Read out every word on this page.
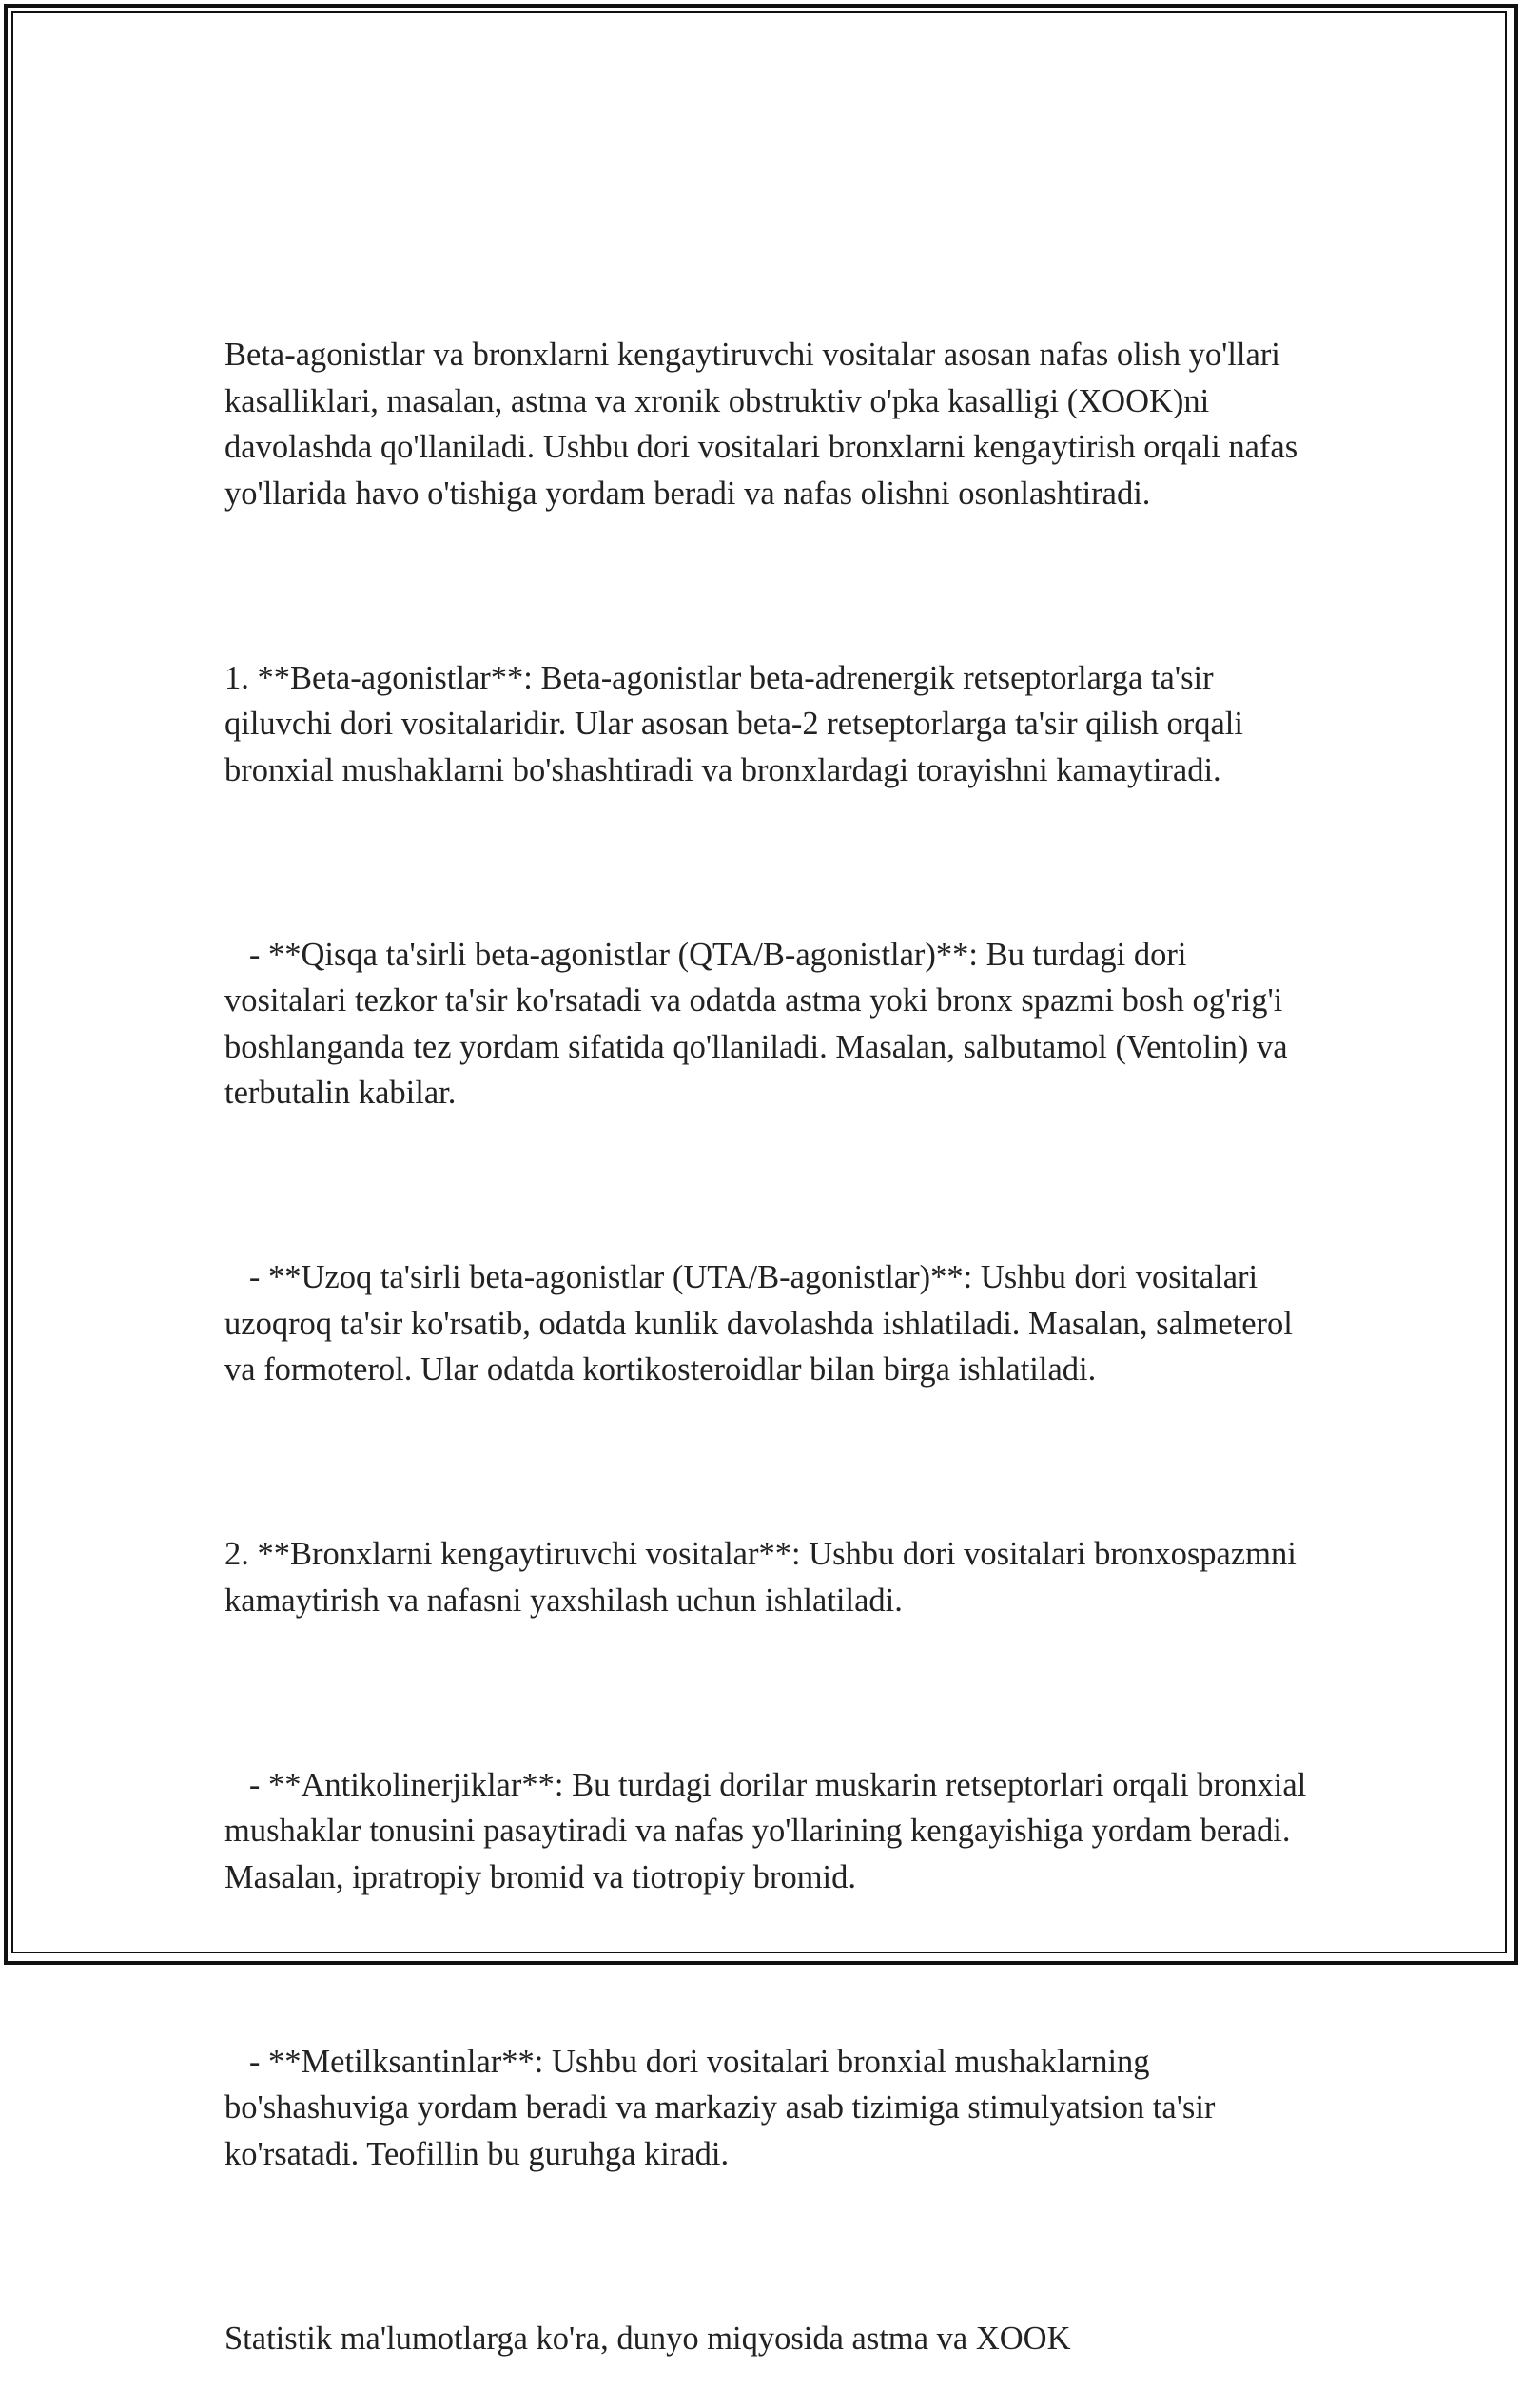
Beta-agonistlar va bronxlarni kengaytiruvchi vositalar asosan nafas olish yo'llari kasalliklari, masalan, astma va xronik obstruktiv o'pka kasalligi (XOOK)ni davolashda qo'llaniladi. Ushbu dori vositalari bronxlarni kengaytirish orqali nafas yo'llarida havo o'tishiga yordam beradi va nafas olishni osonlashtiradi.

1. **Beta-agonistlar**: Beta-agonistlar beta-adrenergik retseptorlarga ta'sir qiluvchi dori vositalaridir. Ular asosan beta-2 retseptorlarga ta'sir qilish orqali bronxial mushaklarni bo'shashtiradi va bronxlardagi torayishni kamaytiradi.

- **Qisqa ta'sirli beta-agonistlar (QTA/B-agonistlar)**: Bu turdagi dori vositalari tezkor ta'sir ko'rsatadi va odatda astma yoki bronx spazmi bosh og'rig'i boshlanganda tez yordam sifatida qo'llaniladi. Masalan, salbutamol (Ventolin) va terbutalin kabilar.

- **Uzoq ta'sirli beta-agonistlar (UTA/B-agonistlar)**: Ushbu dori vositalari uzoqroq ta'sir ko'rsatib, odatda kunlik davolashda ishlatiladi. Masalan, salmeterol va formoterol. Ular odatda kortikosteroidlar bilan birga ishlatiladi.

2. **Bronxlarni kengaytiruvchi vositalar**: Ushbu dori vositalari bronxospazmni kamaytirish va nafasni yaxshilash uchun ishlatiladi.

- **Antikolinerjiklar**: Bu turdagi dorilar muskarin retseptorlari orqali bronxial mushaklar tonusini pasaytiradi va nafas yo'llarining kengayishiga yordam beradi. Masalan, ipratropiy bromid va tiotropiy bromid.

- **Metilksantinlar**: Ushbu dori vositalari bronxial mushaklarning bo'shashuviga yordam beradi va markaziy asab tizimiga stimulyatsion ta'sir ko'rsatadi. Teofillin bu guruhga kiradi.

Statistik ma'lumotlarga ko'ra, dunyo miqyosida astma va XOOK
